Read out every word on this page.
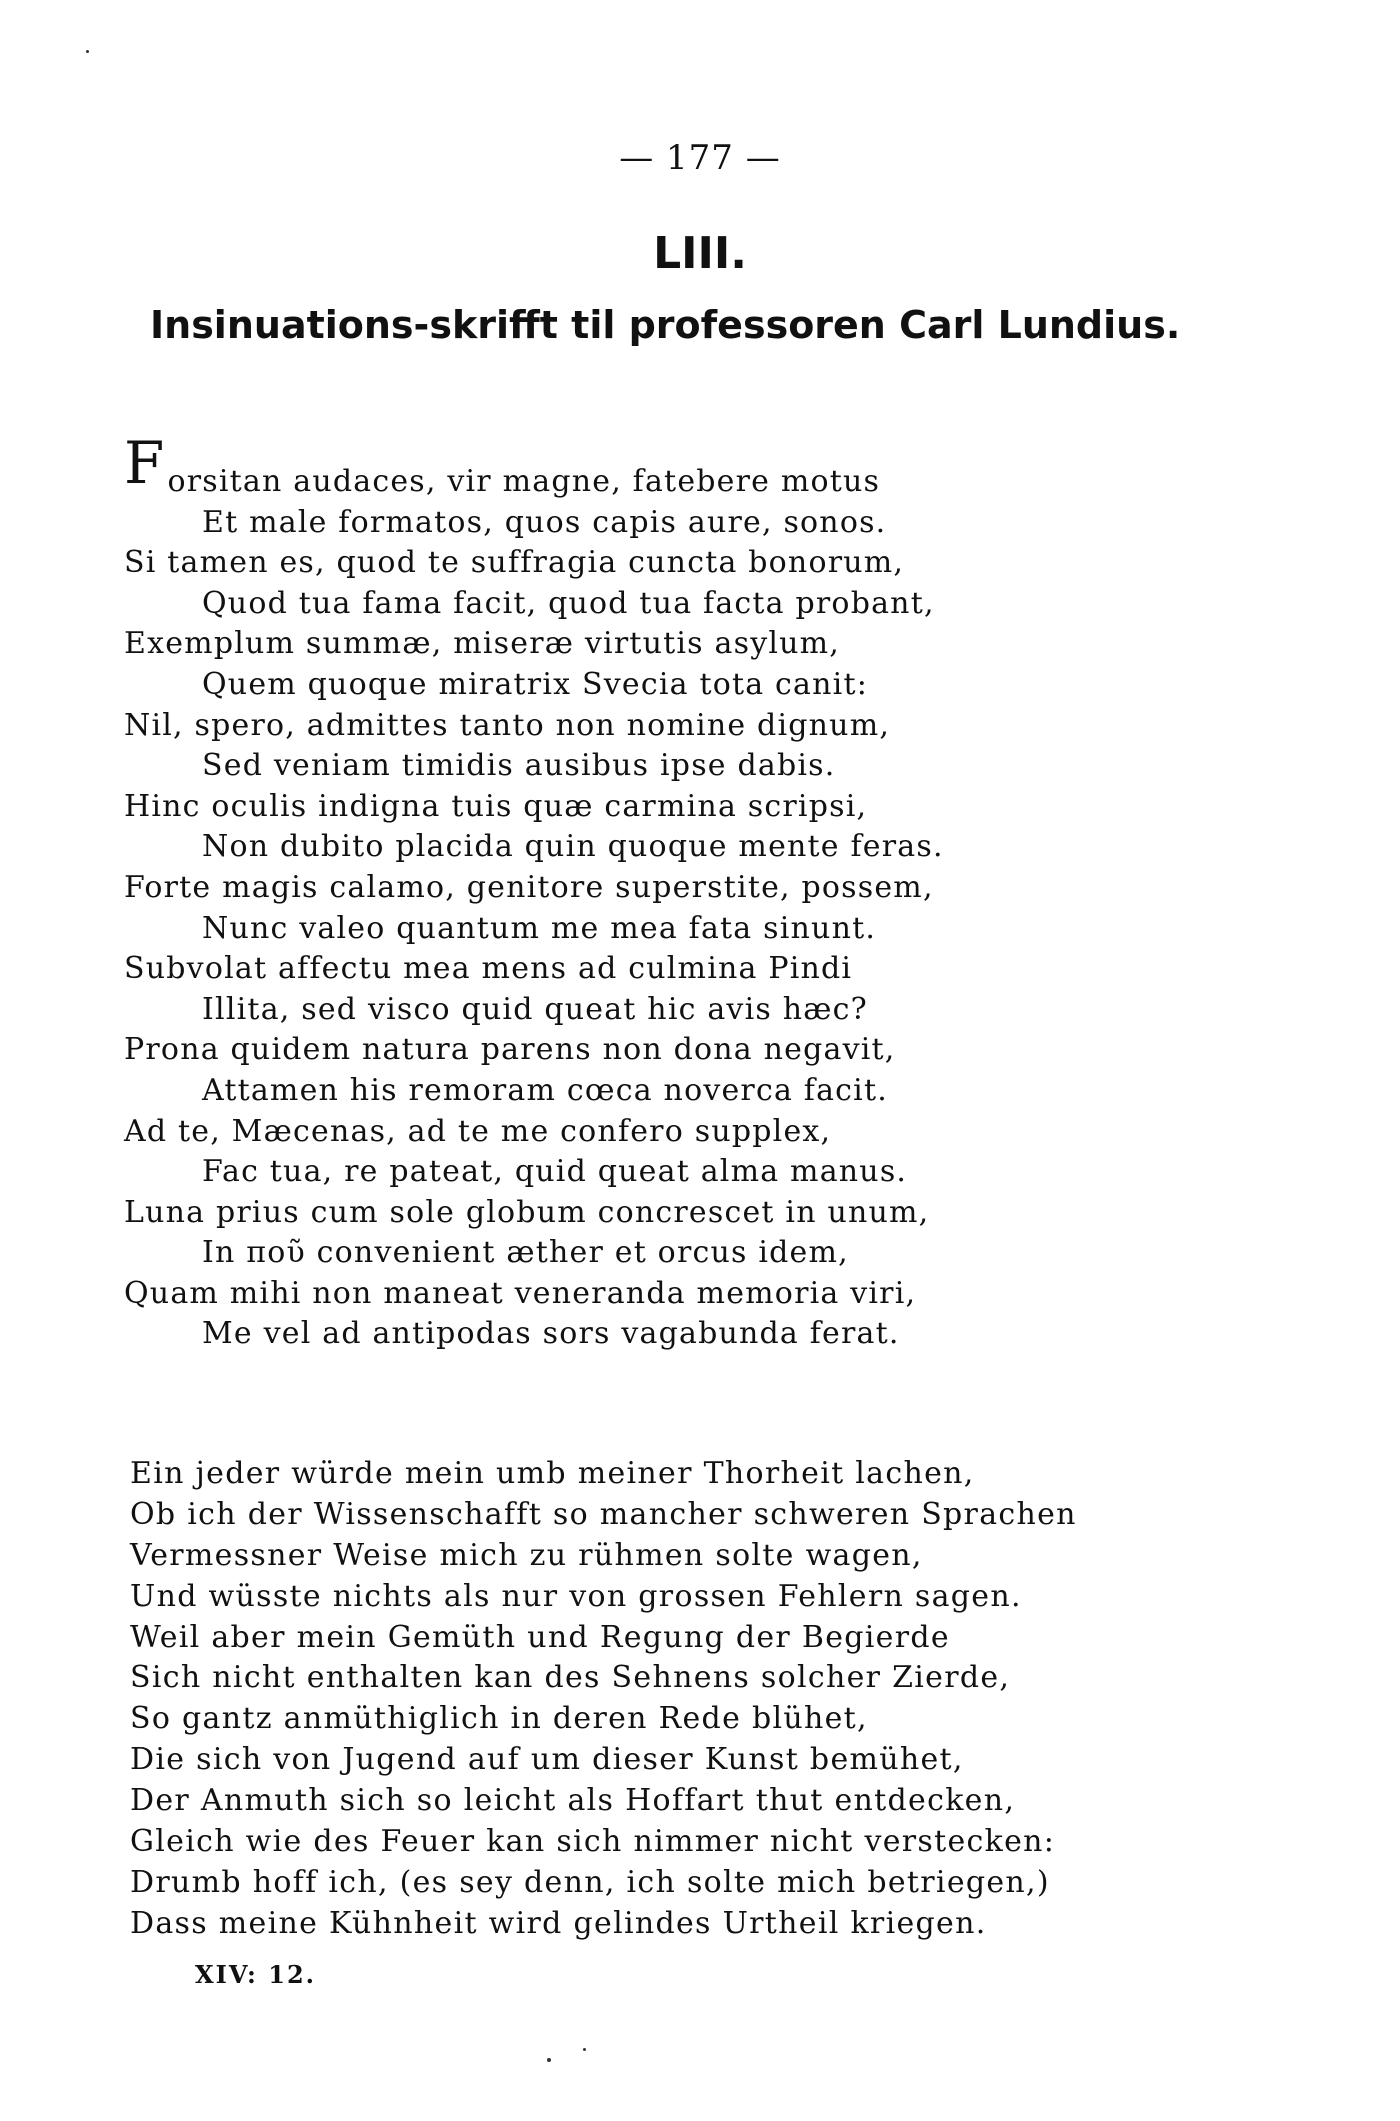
— 177 —
LIII.
Insinuations-skrifft til professoren Carl Lundius.
Forsitan audaces, vir magne, fatebere motus
Et male formatos, quos capis aure, sonos.
Si tamen es, quod te suffragia cuncta bonorum,
Quod tua fama facit, quod tua facta probant,
Exemplum summæ, miseræ virtutis asylum,
Quem quoque miratrix Svecia tota canit:
Nil, spero, admittes tanto non nomine dignum,
Sed veniam timidis ausibus ipse dabis.
Hinc oculis indigna tuis quæ carmina scripsi,
Non dubito placida quin quoque mente feras.
Forte magis calamo, genitore superstite, possem,
Nunc valeo quantum me mea fata sinunt.
Subvolat affectu mea mens ad culmina Pindi
Illita, sed visco quid queat hic avis hæc?
Prona quidem natura parens non dona negavit,
Attamen his remoram cœca noverca facit.
Ad te, Mæcenas, ad te me confero supplex,
Fac tua, re pateat, quid queat alma manus.
Luna prius cum sole globum concrescet in unum,
In πoῦ convenient æther et orcus idem,
Quam mihi non maneat veneranda memoria viri,
Me vel ad antipodas sors vagabunda ferat.
Ein jeder würde mein umb meiner Thorheit lachen,
Ob ich der Wissenschafft so mancher schweren Sprachen
Vermessner Weise mich zu rühmen solte wagen,
Und wüsste nichts als nur von grossen Fehlern sagen.
Weil aber mein Gemüth und Regung der Begierde
Sich nicht enthalten kan des Sehnens solcher Zierde,
So gantz anmüthiglich in deren Rede blühet,
Die sich von Jugend auf um dieser Kunst bemühet,
Der Anmuth sich so leicht als Hoffart thut entdecken,
Gleich wie des Feuer kan sich nimmer nicht verstecken:
Drumb hoff ich, (es sey denn, ich solte mich betriegen,)
Dass meine Kühnheit wird gelindes Urtheil kriegen.
XIV: 12.
